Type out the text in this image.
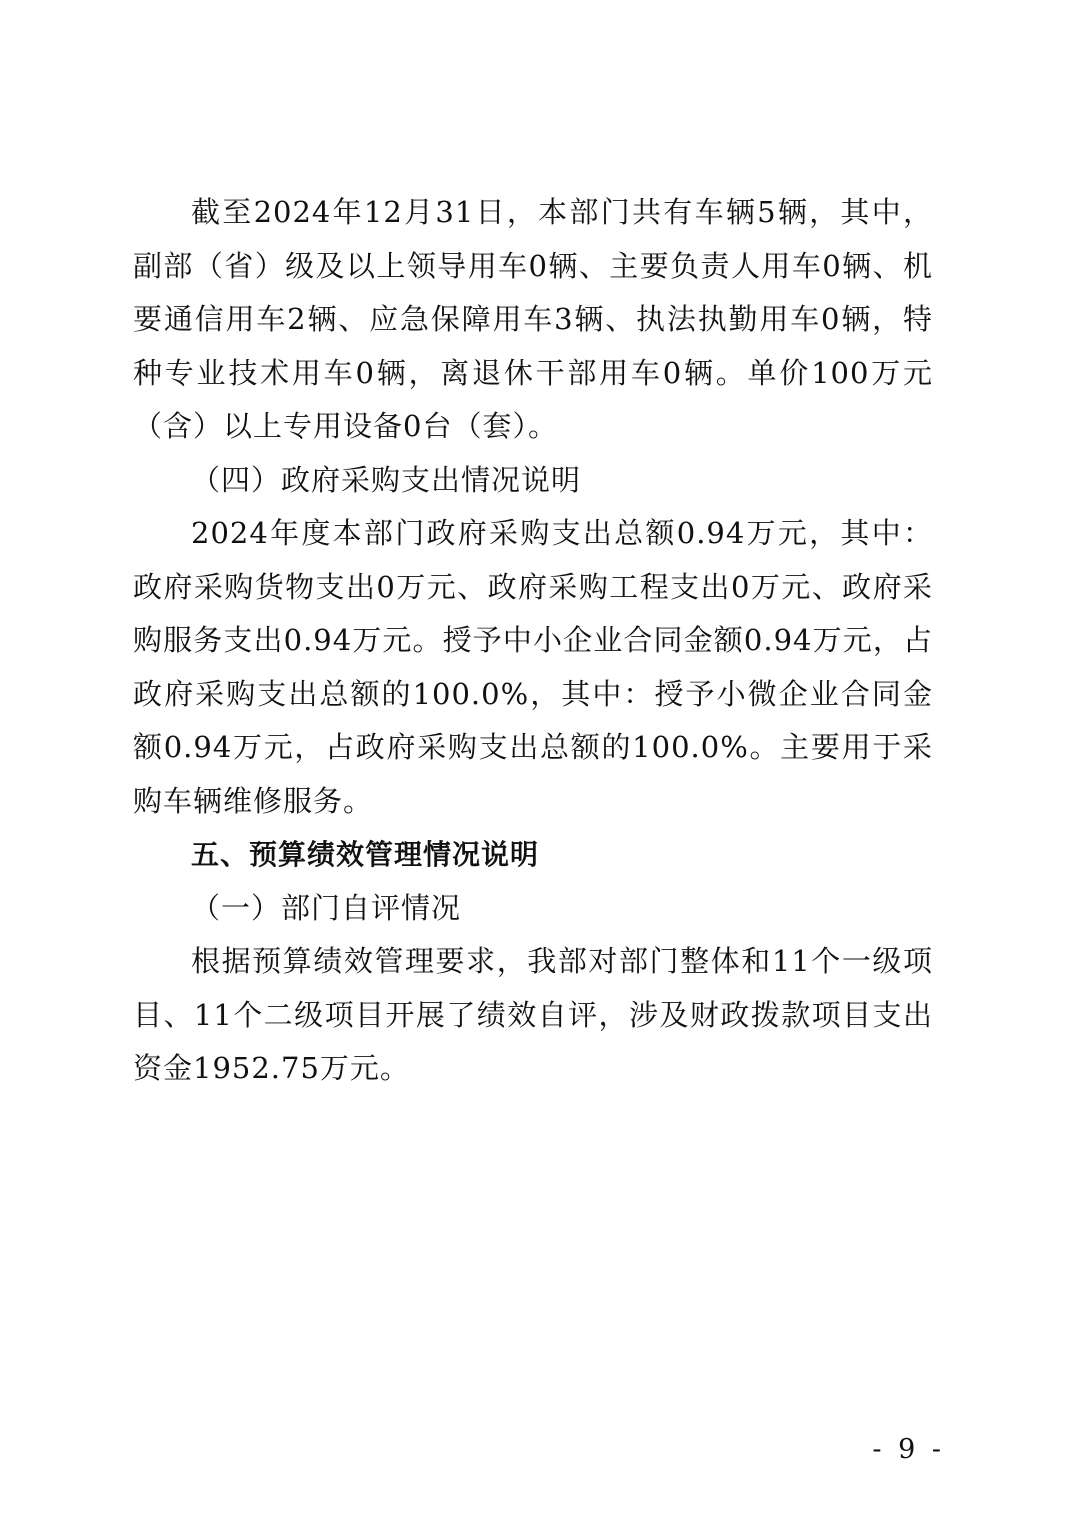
截至2024年12月31日，本部门共有车辆5辆，其中，副部（省）级及以上领导用车0辆、主要负责人用车0辆、机要通信用车2辆、应急保障用车3辆、执法执勤用车0辆，特种专业技术用车0辆，离退休干部用车0辆。单价100万元（含）以上专用设备0台（套）。

（四）政府采购支出情况说明

2024年度本部门政府采购支出总额0.94万元，其中：政府采购货物支出0万元、政府采购工程支出0万元、政府采购服务支出0.94万元。授予中小企业合同金额0.94万元，占政府采购支出总额的100.0%，其中：授予小微企业合同金额0.94万元，占政府采购支出总额的100.0%。主要用于采购车辆维修服务。

五、预算绩效管理情况说明

（一）部门自评情况

根据预算绩效管理要求，我部对部门整体和11个一级项目、11个二级项目开展了绩效自评，涉及财政拨款项目支出资金1952.75万元。

- 9 -
